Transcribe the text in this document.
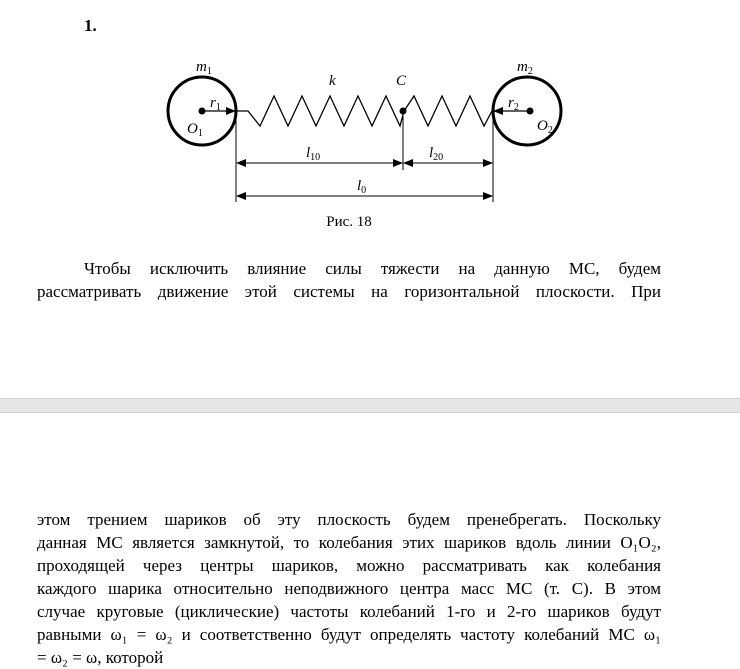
1.
$m_1$	$m_2$
k	C
$r_1$	$r_2$
$O_1$	$O_2$
$l_{10}$	$l_{20}$
$l_0$
Рис. 18

Чтобы исключить влияние силы тяжести на данную МС, будем
рассматривать движение этой системы на горизонтальной плоскости. При

этом трением шариков об эту плоскость будем пренебрегать. Поскольку
данная МС является замкнутой, то колебания этих шариков вдоль линии O₁O₂,
проходящей через центры шариков, можно рассматривать как колебания
каждого шарика относительно неподвижного центра масс МС (т. С). В этом
случае круговые (циклические) частоты колебаний 1-го и 2-го шариков будут
равными ω₁ = ω₂ и соответственно будут определять частоту колебаний МС ω₁
= ω₂ = ω, которой
